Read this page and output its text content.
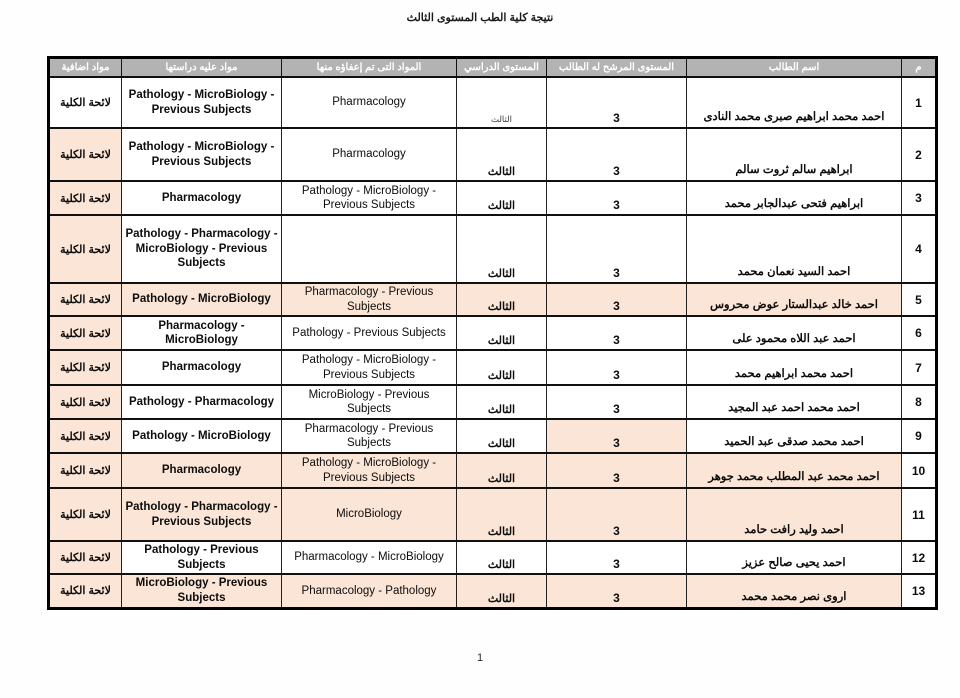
نتيجة كلية الطب المستوى الثالث
م	اسم الطالب	المستوى المرشح له الطالب	المستوى الدراسي	المواد التى تم إعفاؤه منها	مواد عليه دراستها	مواد اضافية
1	احمد محمد ابراهيم صبرى محمد النادى	3	الثالث	Pharmacology	Pathology - MicroBiology - Previous Subjects	لائحة الكلية
2	ابراهيم سالم ثروت سالم	3	الثالث	Pharmacology	Pathology - MicroBiology - Previous Subjects	لائحة الكلية
3	ابراهيم فتحى عبدالجابر محمد	3	الثالث	Pathology - MicroBiology - Previous Subjects	Pharmacology	لائحة الكلية
4	احمد السيد نعمان محمد	3	الثالث		Pathology - Pharmacology - MicroBiology - Previous Subjects	لائحة الكلية
5	احمد خالد عبدالستار عوض محروس	3	الثالث	Pharmacology - Previous Subjects	Pathology - MicroBiology	لائحة الكلية
6	احمد عبد اللاه محمود على	3	الثالث	Pathology - Previous Subjects	Pharmacology - MicroBiology	لائحة الكلية
7	احمد محمد ابراهيم محمد	3	الثالث	Pathology - MicroBiology - Previous Subjects	Pharmacology	لائحة الكلية
8	احمد محمد احمد عبد المجيد	3	الثالث	MicroBiology - Previous Subjects	Pathology - Pharmacology	لائحة الكلية
9	احمد محمد صدقى عبد الحميد	3	الثالث	Pharmacology - Previous Subjects	Pathology - MicroBiology	لائحة الكلية
10	احمد محمد عبد المطلب محمد جوهر	3	الثالث	Pathology - MicroBiology - Previous Subjects	Pharmacology	لائحة الكلية
11	احمد وليد رافت حامد	3	الثالث	MicroBiology	Pathology - Pharmacology - Previous Subjects	لائحة الكلية
12	احمد يحيى صالح عزيز	3	الثالث	Pharmacology - MicroBiology	Pathology - Previous Subjects	لائحة الكلية
13	اروى نصر محمد محمد	3	الثالث	Pharmacology - Pathology	MicroBiology - Previous Subjects	لائحة الكلية
1
